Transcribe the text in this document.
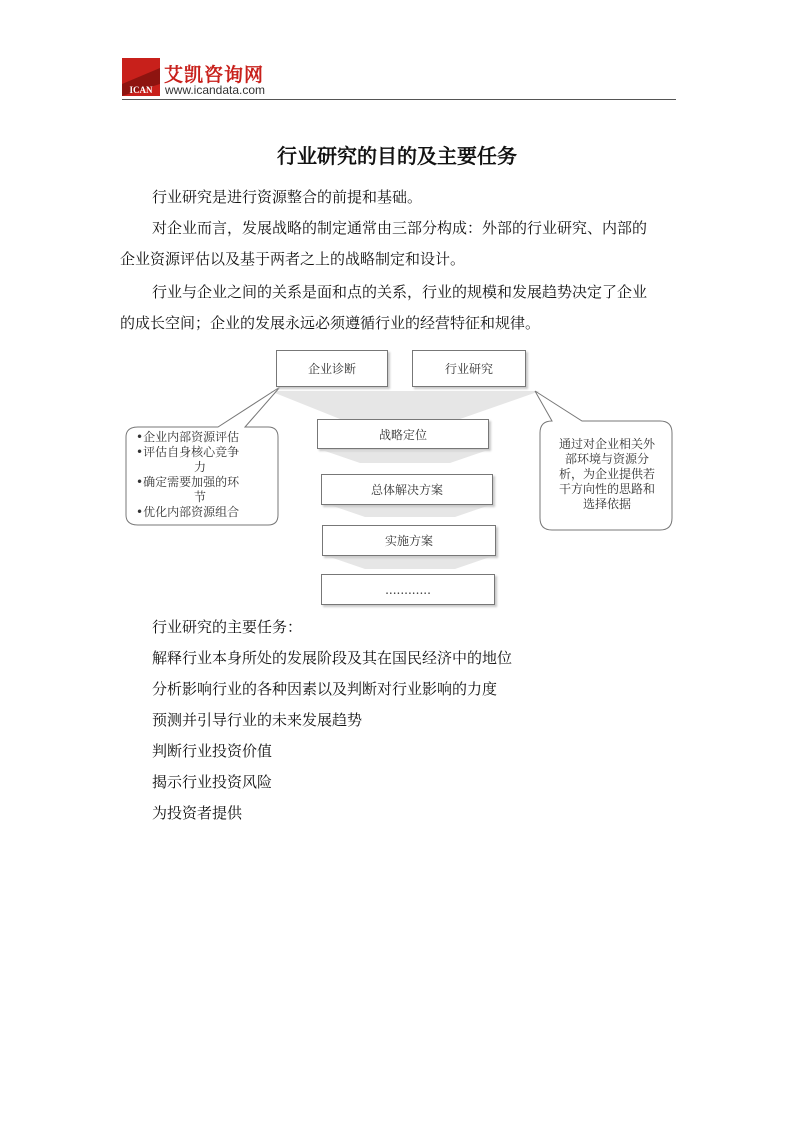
ICAN
艾凯咨询网
www.icandata.com
行业研究的目的及主要任务
行业研究是进行资源整合的前提和基础。
对企业而言，发展战略的制定通常由三部分构成：外部的行业研究、内部的
企业资源评估以及基于两者之上的战略制定和设计。
行业与企业之间的关系是面和点的关系，行业的规模和发展趋势决定了企业
的成长空间；企业的发展永远必须遵循行业的经营特征和规律。
企业诊断	行业研究
战略定位
总体解决方案
实施方案
............
•企业内部资源评估
•评估自身核心竞争
力
•确定需要加强的环
节
•优化内部资源组合
通过对企业相关外
部环境与资源分
析，为企业提供若
干方向性的思路和
选择依据
行业研究的主要任务：
解释行业本身所处的发展阶段及其在国民经济中的地位
分析影响行业的各种因素以及判断对行业影响的力度
预测并引导行业的未来发展趋势
判断行业投资价值
揭示行业投资风险
为投资者提供
